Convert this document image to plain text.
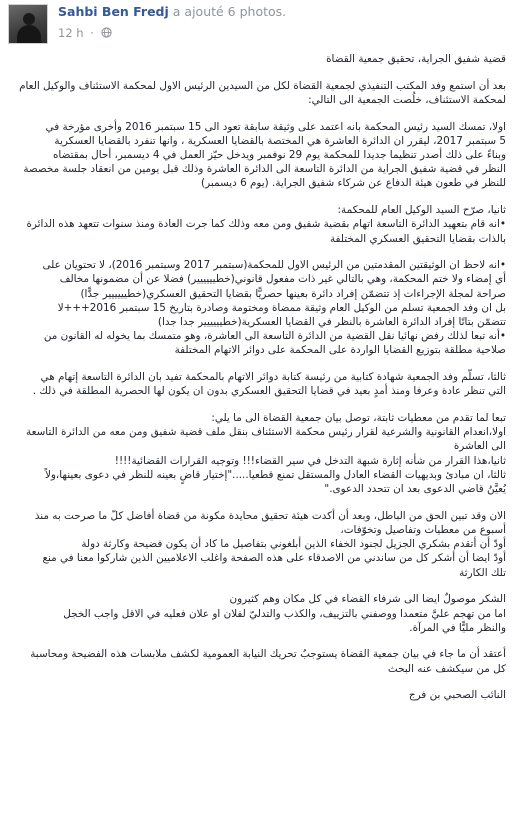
Sahbi Ben Fredj a ajouté 6 photos.
12 h ·

قضية شفيق الجراية، تحقيق جمعية القضاة

بعد أن استمع وفد المكتب التنفيذي لجمعية القضاة لكل من السيدين الرئيس الاول لمحكمة الاستئناف والوكيل العام
لمحكمة الاستئناف، خلُصت الجمعية الى التالي:

اولا، تمسك السيد رئيس المحكمة بانه اعتمد على وثيقة سابقة تعود الى 15 سبتمبر 2016 وأخرى مؤرخة في
5 سبتمبر 2017، ليقرر ان الدائرة العاشرة هي المختصة بالقضايا العسكرية ، وانها تنفرد بالقضايا العسكرية
وبناءً على ذلك أصدر تنظيما جديدا للمحكمة يوم 29 نوفمبر ويدخل حيّز العمل في 4 ديسمبر، أحال بمقتضاه
النظر في قضية شفيق الجراية من الدائرة التاسعة الى الدائرة العاشرة وذلك قبل يومين من انعقاد جلسة مخصصة
للنظر في طعون هيئة الدفاع عن شركاء شفيق الجراية. (يوم 6 ديسمبر)

ثانيا، صرّح السيد الوكيل العام للمحكمة:
•انه قام بتعهيد الدائرة التاسعة اتهام بقضية شفيق ومن معه وذلك كما جرت العادة ومنذ سنوات تتعهد هذه الدائرة
بالذات بقضايا التحقيق العسكري المختلفة

•انه لاحظ ان الوثيقتين المقدمتين من الرئيس الاول للمحكمة(سبتمبر 2017 وسبتمبر 2016)، لا تحتويان على
أي إمضاء ولا ختم المحكمة، وهي بالتالي غير ذات مفعول قانوني(خطيييييير) فضلا عن أن مضمونها مخالف
صراحة لمجلة الإجراءات إذ تتضمّن إفراد دائرة بعينها حصريًّا بقضايا التحقيق العسكري(خطيييييير جدًّا)
بل ان وفد الجمعية تسلم من الوكيل العام وثيقة ممضاة ومختومة وصادرة بتاريخ 15 سبتمبر 2016+++لا
تتضمّن بتاتًا إفراد الدائرة العاشرة بالنظر في القضايا العسكرية(خطيييييير جدا جدا)
•أنه تبعا لذلك رفض نهائيا نقل القضية من الدائرة التاسعة الى العاشرة، وهو متمسك بما يخوله له القانون من
صلاحية مطلقة بتوزيع القضايا الواردة على المحكمة على دوائر الاتهام المختلفة

ثالثا، تسلّم وفد الجمعية شهادة كتابية من رئيسة كتابة دوائر الاتهام بالمحكمة تفيد بان الدائرة التاسعة إتهام هي
التي تنظر عادة وعرفا ومنذ أمدٍ بعيد في قضايا التحقيق العسكري بدون ان يكون لها الحصرية المطلقة في ذلك .

تبعا لما تقدم من معطيات ثابتة، توصل بيان جمعية القضاة الى ما يلي:
اولا،انعدام القانونية والشرعية لقرار رئيس محكمة الاستئناف بنقل ملف قضية شفيق ومن معه من الدائرة التاسعة
الى العاشرة
ثانيا،هذا القرار من شأنه إثارة شبهة التدخل في سير القضاء!!! وتوجيه القرارات القضائية!!!!
ثالثا، ان مبادئ وبديهيات القضاء العادل والمستقل تمنع قطعيا....."إختيار قاضٍ بعينه للنظر في دعوى بعينها،ولاً
يُعيَّنُ قاضي الدعوى بعد ان تتحدد الدعوى."

الان وقد تبين الحق من الباطل، وبعد أن أكدت هيئة تحقيق محايدة مكونة من قضاة أفاضل كلّ ما صرحت به منذ
أسبوع من معطيات وتفاصيل وتخوّفات،
أودّ أن أتقدم بشكري الجزيل لجنود الخفاء الذين أبلغوني بتفاصيل ما كاد أن يكون فضيحة وكارثة دولة
أودّ ايضا أن أشكر كل من ساندني من الاصدقاء على هذه الصفحة واغلب الاعلاميين الذين شاركوا معنا في منع
تلك الكارثة

الشكر موصولٌ ايضا الى شرفاء القضاء في كل مكان وهم كثيرون
اما من تهجم عليَّ متعمدا ووصفني بالتزييف، والكذب والتدليّ لفلان او علان فعليه في الاقل واجب الخجل
والنظر مليًّا في المرآة.

أعتقد أن ما جاء في بيان جمعية القضاة يستوجبُ تحريك النيابة العمومية لكشف ملابسات هذه الفضيحة ومحاسبة
كل من سيكشف عنه البحث

النائب الصحبي بن فرج
